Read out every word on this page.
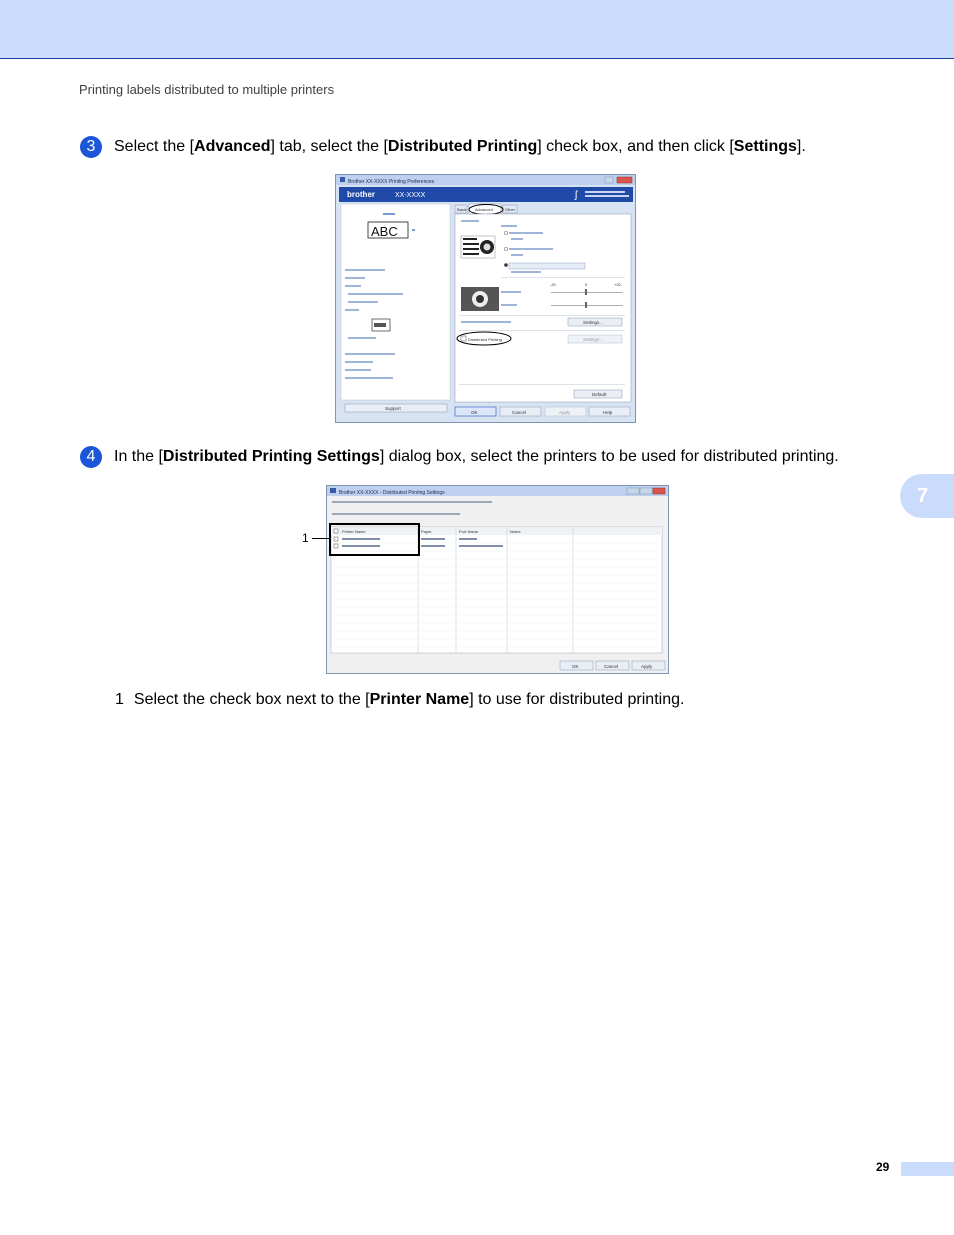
Printing labels distributed to multiple printers
3	Select the [Advanced] tab, select the [Distributed Printing] check box, and then click [Settings].
Brother XX-XXXX Printing Preferences
brother	XX-XXXX	ʃ
ABC
Support
Basic Advanced	Other
-20	0	+20
Settings...
Distributed Printing	Settings...
Default
OK	Cancel	Apply	Help
4	In the [Distributed Printing Settings] dialog box, select the printers to be used for distributed printing.
Brother XX-XXXX - Distributed Printing Settings
Printer Name	Paper	Port Name	Notes
OK	Cancel	Apply
1
7
1 Select the check box next to the [Printer Name] to use for distributed printing.
29
